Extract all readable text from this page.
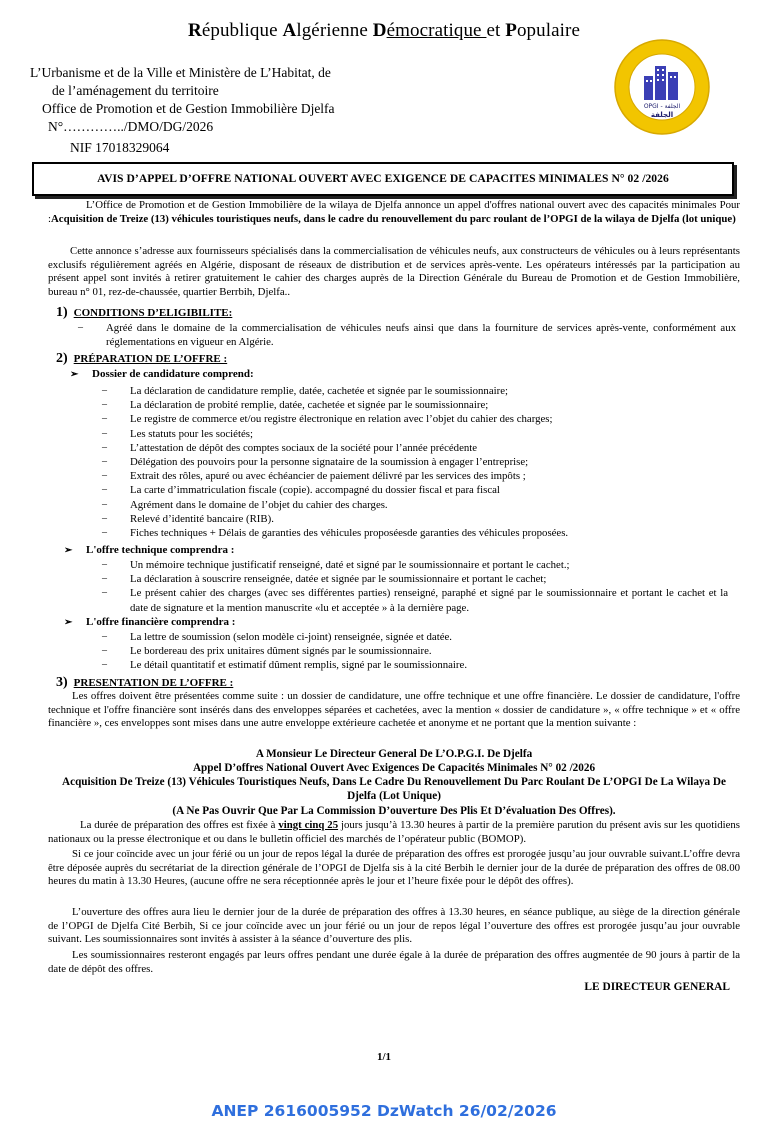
République Algérienne Démocratique et Populaire
L’Urbanisme et de la Ville et Ministère de L’Habitat, de
de l’aménagement du territoire
Office de Promotion et de Gestion Immobilière Djelfa
N°…………../DMO/DG/2026
NIF 17018329064
OPGI - الجلفة
الجلفة
AVIS D’APPEL D’OFFRE NATIONAL OUVERT AVEC EXIGENCE DE CAPACITES MINIMALES N° 02 /2026
L’Office de Promotion et de Gestion Immobilière de la wilaya de Djelfa annonce un appel d'offres national ouvert avec des capacités minimales Pour :Acquisition de Treize (13) véhicules touristiques neufs, dans le cadre du renouvellement du parc roulant de l’OPGI de la wilaya de Djelfa (lot unique)
Cette annonce s’adresse aux fournisseurs spécialisés dans la commercialisation de véhicules neufs, aux constructeurs de véhicules ou à leurs représentants exclusifs régulièrement agréés en Algérie, disposant de réseaux de distribution et de services après-vente. Les opérateurs intéressés par la participation au présent appel sont invités à retirer gratuitement le cahier des charges auprès de la Direction Générale du Bureau de Promotion et de Gestion Immobilière, bureau n° 01, rez-de-chaussée, quartier Berrbih, Djelfa..
1) CONDITIONS D’ELIGIBILITE:
– Agréé dans le domaine de la commercialisation de véhicules neufs ainsi que dans la fourniture de services après-vente, conformément aux réglementations en vigueur en Algérie.
2) PRÉPARATION DE L’OFFRE :
➢ Dossier de candidature comprend:
– La déclaration de candidature remplie, datée, cachetée et signée par le soumissionnaire;
– La déclaration de probité remplie, datée, cachetée et signée par le soumissionnaire;
– Le registre de commerce et/ou registre électronique en relation avec l’objet du cahier des charges;
– Les statuts pour les sociétés;
– L’attestation de dépôt des comptes sociaux de la société pour l’année précédente
– Délégation des pouvoirs pour la personne signataire de la soumission à engager l’entreprise;
– Extrait des rôles, apuré ou avec échéancier de paiement délivré par les services des impôts ;
– La carte d’immatriculation fiscale (copie). accompagné du dossier fiscal et para fiscal
– Agrément dans le domaine de l’objet du cahier des charges.
– Relevé d’identité bancaire (RIB).
– Fiches techniques + Délais de garanties des véhicules proposéesde garanties des véhicules proposées.
➢ L'offre technique comprendra :
– Un mémoire technique justificatif renseigné, daté et signé par le soumissionnaire et portant le cachet.;
– La déclaration à souscrire renseignée, datée et signée par le soumissionnaire et portant le cachet;
– Le présent cahier des charges (avec ses différentes parties) renseigné, paraphé et signé par le soumissionnaire et portant le cachet et la date de signature et la mention manuscrite «lu et acceptée » à la dernière page.
➢ L'offre financière comprendra :
– La lettre de soumission (selon modèle ci-joint) renseignée, signée et datée.
– Le bordereau des prix unitaires dûment signés par le soumissionnaire.
– Le détail quantitatif et estimatif dûment remplis, signé par le soumissionnaire.
3) PRESENTATION DE L’OFFRE :
Les offres doivent être présentées comme suite : un dossier de candidature, une offre technique et une offre financière. Le dossier de candidature, l'offre technique et l'offre financière sont insérés dans des enveloppes séparées et cachetées, avec la mention « dossier de candidature », « offre technique » et « offre financière », ces enveloppes sont mises dans une autre enveloppe extérieure cachetée et anonyme et ne portant que la mention suivante :
A Monsieur Le Directeur General De L’O.P.G.I. De Djelfa
Appel D’offres National Ouvert Avec Exigences De Capacités Minimales N° 02 /2026
Acquisition De Treize (13) Véhicules Touristiques Neufs, Dans Le Cadre Du Renouvellement Du Parc Roulant De L’OPGI De La Wilaya De Djelfa (Lot Unique)
(A Ne Pas Ouvrir Que Par La Commission D’ouverture Des Plis Et D’évaluation Des Offres).
La durée de préparation des offres est fixée à vingt cinq 25 jours jusqu’à 13.30 heures à partir de la première parution du présent avis sur les quotidiens nationaux ou la presse électronique et ou dans le bulletin officiel des marchés de l’opérateur public (BOMOP).
Si ce jour coïncide avec un jour férié ou un jour de repos légal la durée de préparation des offres est prorogée jusqu’au jour ouvrable suivant.L’offre devra être déposée auprès du secrétariat de la direction générale de l’OPGI de Djelfa sis à la cité Berbih le dernier jour de la durée de préparation des offres de 08.00 heures du matin à 13.30 Heures, (aucune offre ne sera réceptionnée après le jour et l’heure fixée pour le dépôt des offres).
L’ouverture des offres aura lieu le dernier jour de la durée de préparation des offres à 13.30 heures, en séance publique, au siège de la direction générale de l’OPGI de Djelfa Cité Berbih, Si ce jour coïncide avec un jour férié ou un jour de repos légal l’ouverture des offres est prorogée jusqu’au jour ouvrable suivant. Les soumissionnaires sont invités à assister à la séance d’ouverture des plis.
Les soumissionnaires resteront engagés par leurs offres pendant une durée égale à la durée de préparation des offres augmentée de 90 jours à partir de la date de dépôt des offres.
LE DIRECTEUR GENERAL
1/1
ANEP 2616005952 DzWatch 26/02/2026
